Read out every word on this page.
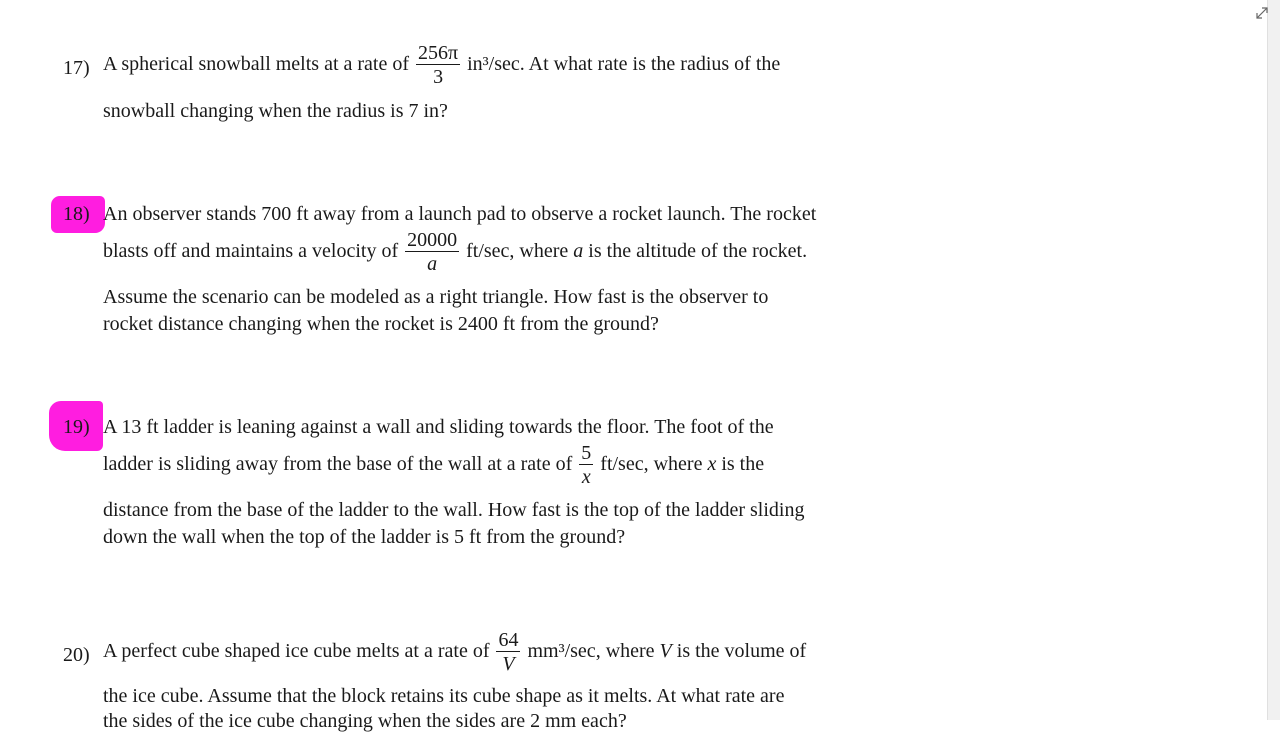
17) A spherical snowball melts at a rate of $\frac{256\pi}{3} in^3/\sec$. At what rate is the radius of the
snowball changing when the radius is 7 in?
18) An observer stands 700 ft away from a launch pad to observe a rocket launch. The rocket
blasts off and maintains a velocity of $\frac{20000}{a} ft/\sec$, where a is the altitude of the rocket.
Assume the scenario can be modeled as a right triangle. How fast is the observer to
rocket distance changing when the rocket is 2400 ft from the ground?
19) A 13 ft ladder is leaning against a wall and sliding towards the floor. The foot of the
ladder is sliding away from the base of the wall at a rate of $\frac{5}{x} ft/\sec$, where x is the
distance from the base of the ladder to the wall. How fast is the top of the ladder sliding
down the wall when the top of the ladder is 5 ft from the ground?
20) A perfect cube shaped ice cube melts at a rate of $\frac{64}{V} mm^3/\sec$, where V is the volume of
the ice cube. Assume that the block retains its cube shape as it melts. At what rate are
the sides of the ice cube changing when the sides are 2 mm each?
